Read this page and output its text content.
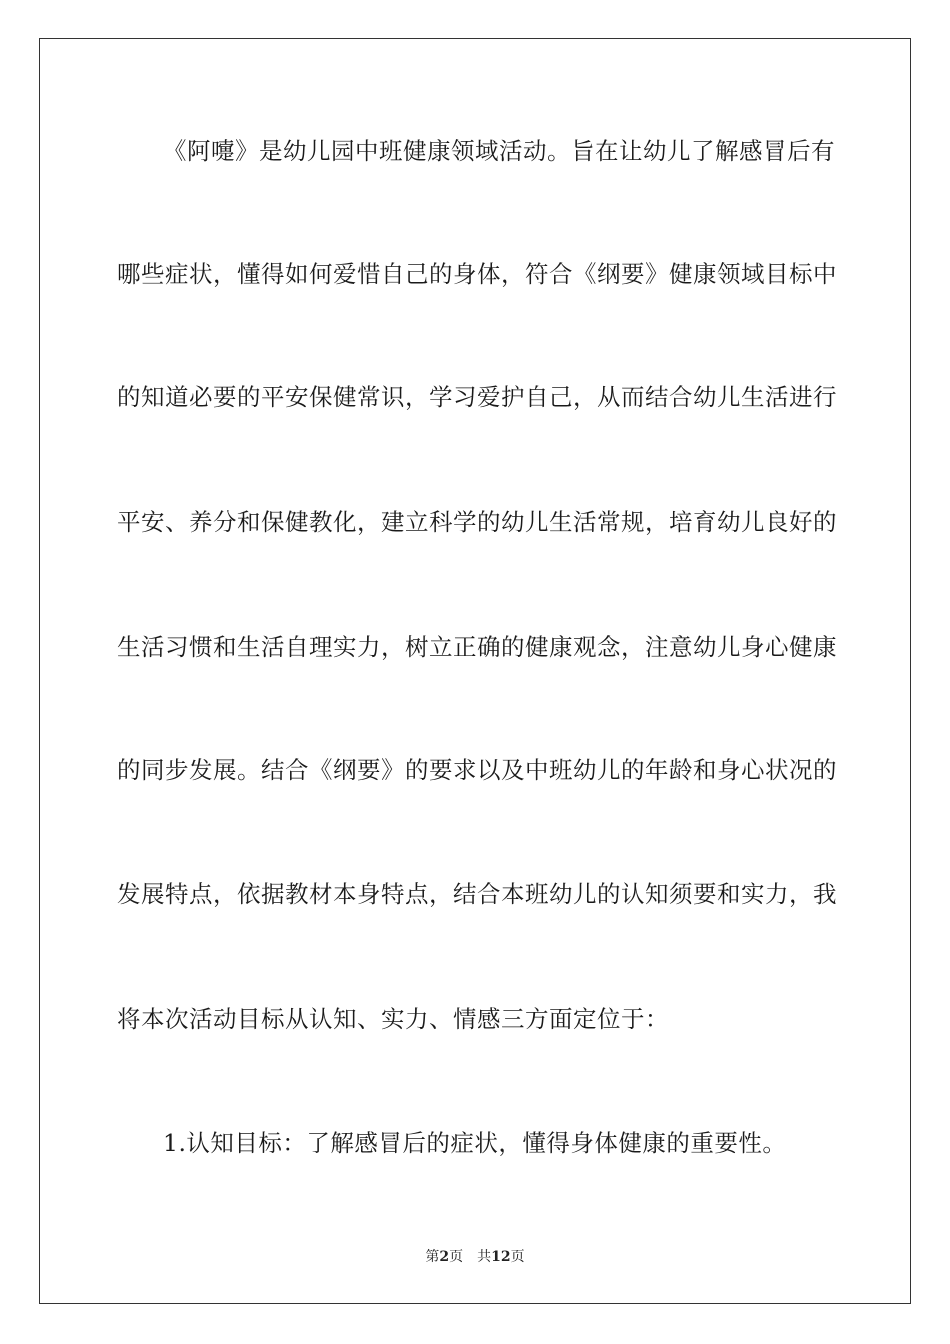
《阿嚏》是幼儿园中班健康领域活动。旨在让幼儿了解感冒后有
哪些症状，懂得如何爱惜自己的身体，符合《纲要》健康领域目标中
的知道必要的平安保健常识，学习爱护自己，从而结合幼儿生活进行
平安、养分和保健教化，建立科学的幼儿生活常规，培育幼儿良好的
生活习惯和生活自理实力，树立正确的健康观念，注意幼儿身心健康
的同步发展。结合《纲要》的要求以及中班幼儿的年龄和身心状况的
发展特点，依据教材本身特点，结合本班幼儿的认知须要和实力，我
将本次活动目标从认知、实力、情感三方面定位于：
1.认知目标：了解感冒后的症状，懂得身体健康的重要性。
第2页 共12页
